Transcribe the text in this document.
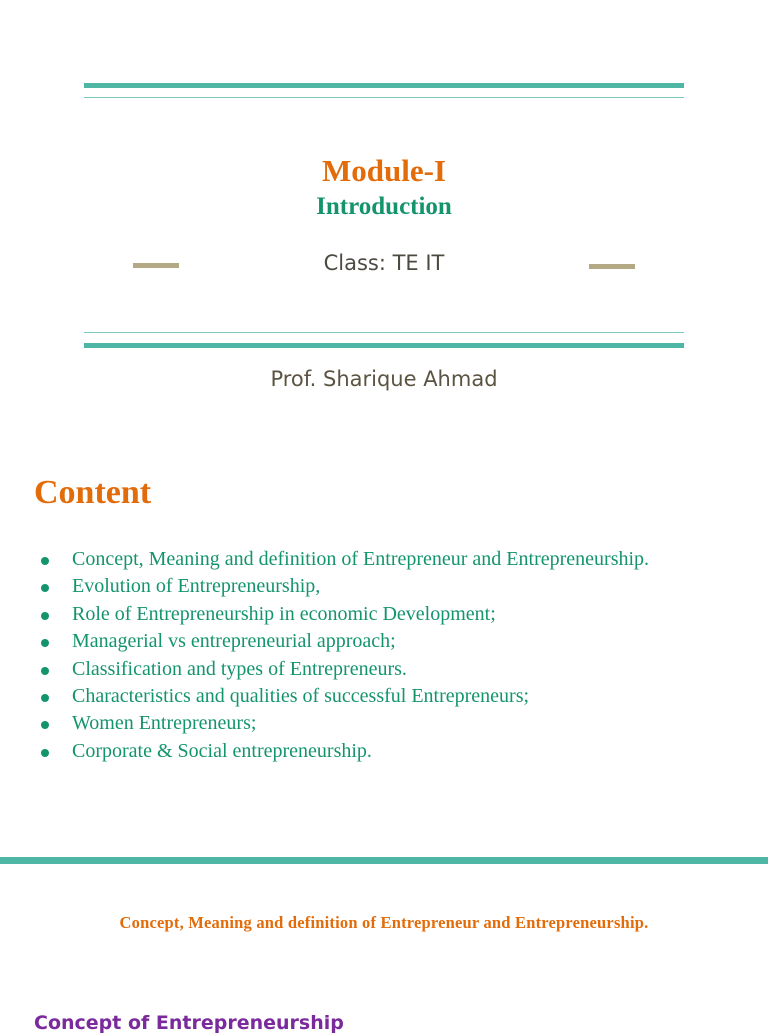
Module-I
Introduction
Class: TE IT
Prof. Sharique Ahmad
Content
Concept, Meaning and definition of Entrepreneur and Entrepreneurship.
Evolution of Entrepreneurship,
Role of Entrepreneurship in economic Development;
Managerial vs entrepreneurial approach;
Classification and types of Entrepreneurs.
Characteristics and qualities of successful Entrepreneurs;
Women Entrepreneurs;
Corporate & Social entrepreneurship.
Concept, Meaning and definition of Entrepreneur and Entrepreneurship.
Concept of Entrepreneurship
